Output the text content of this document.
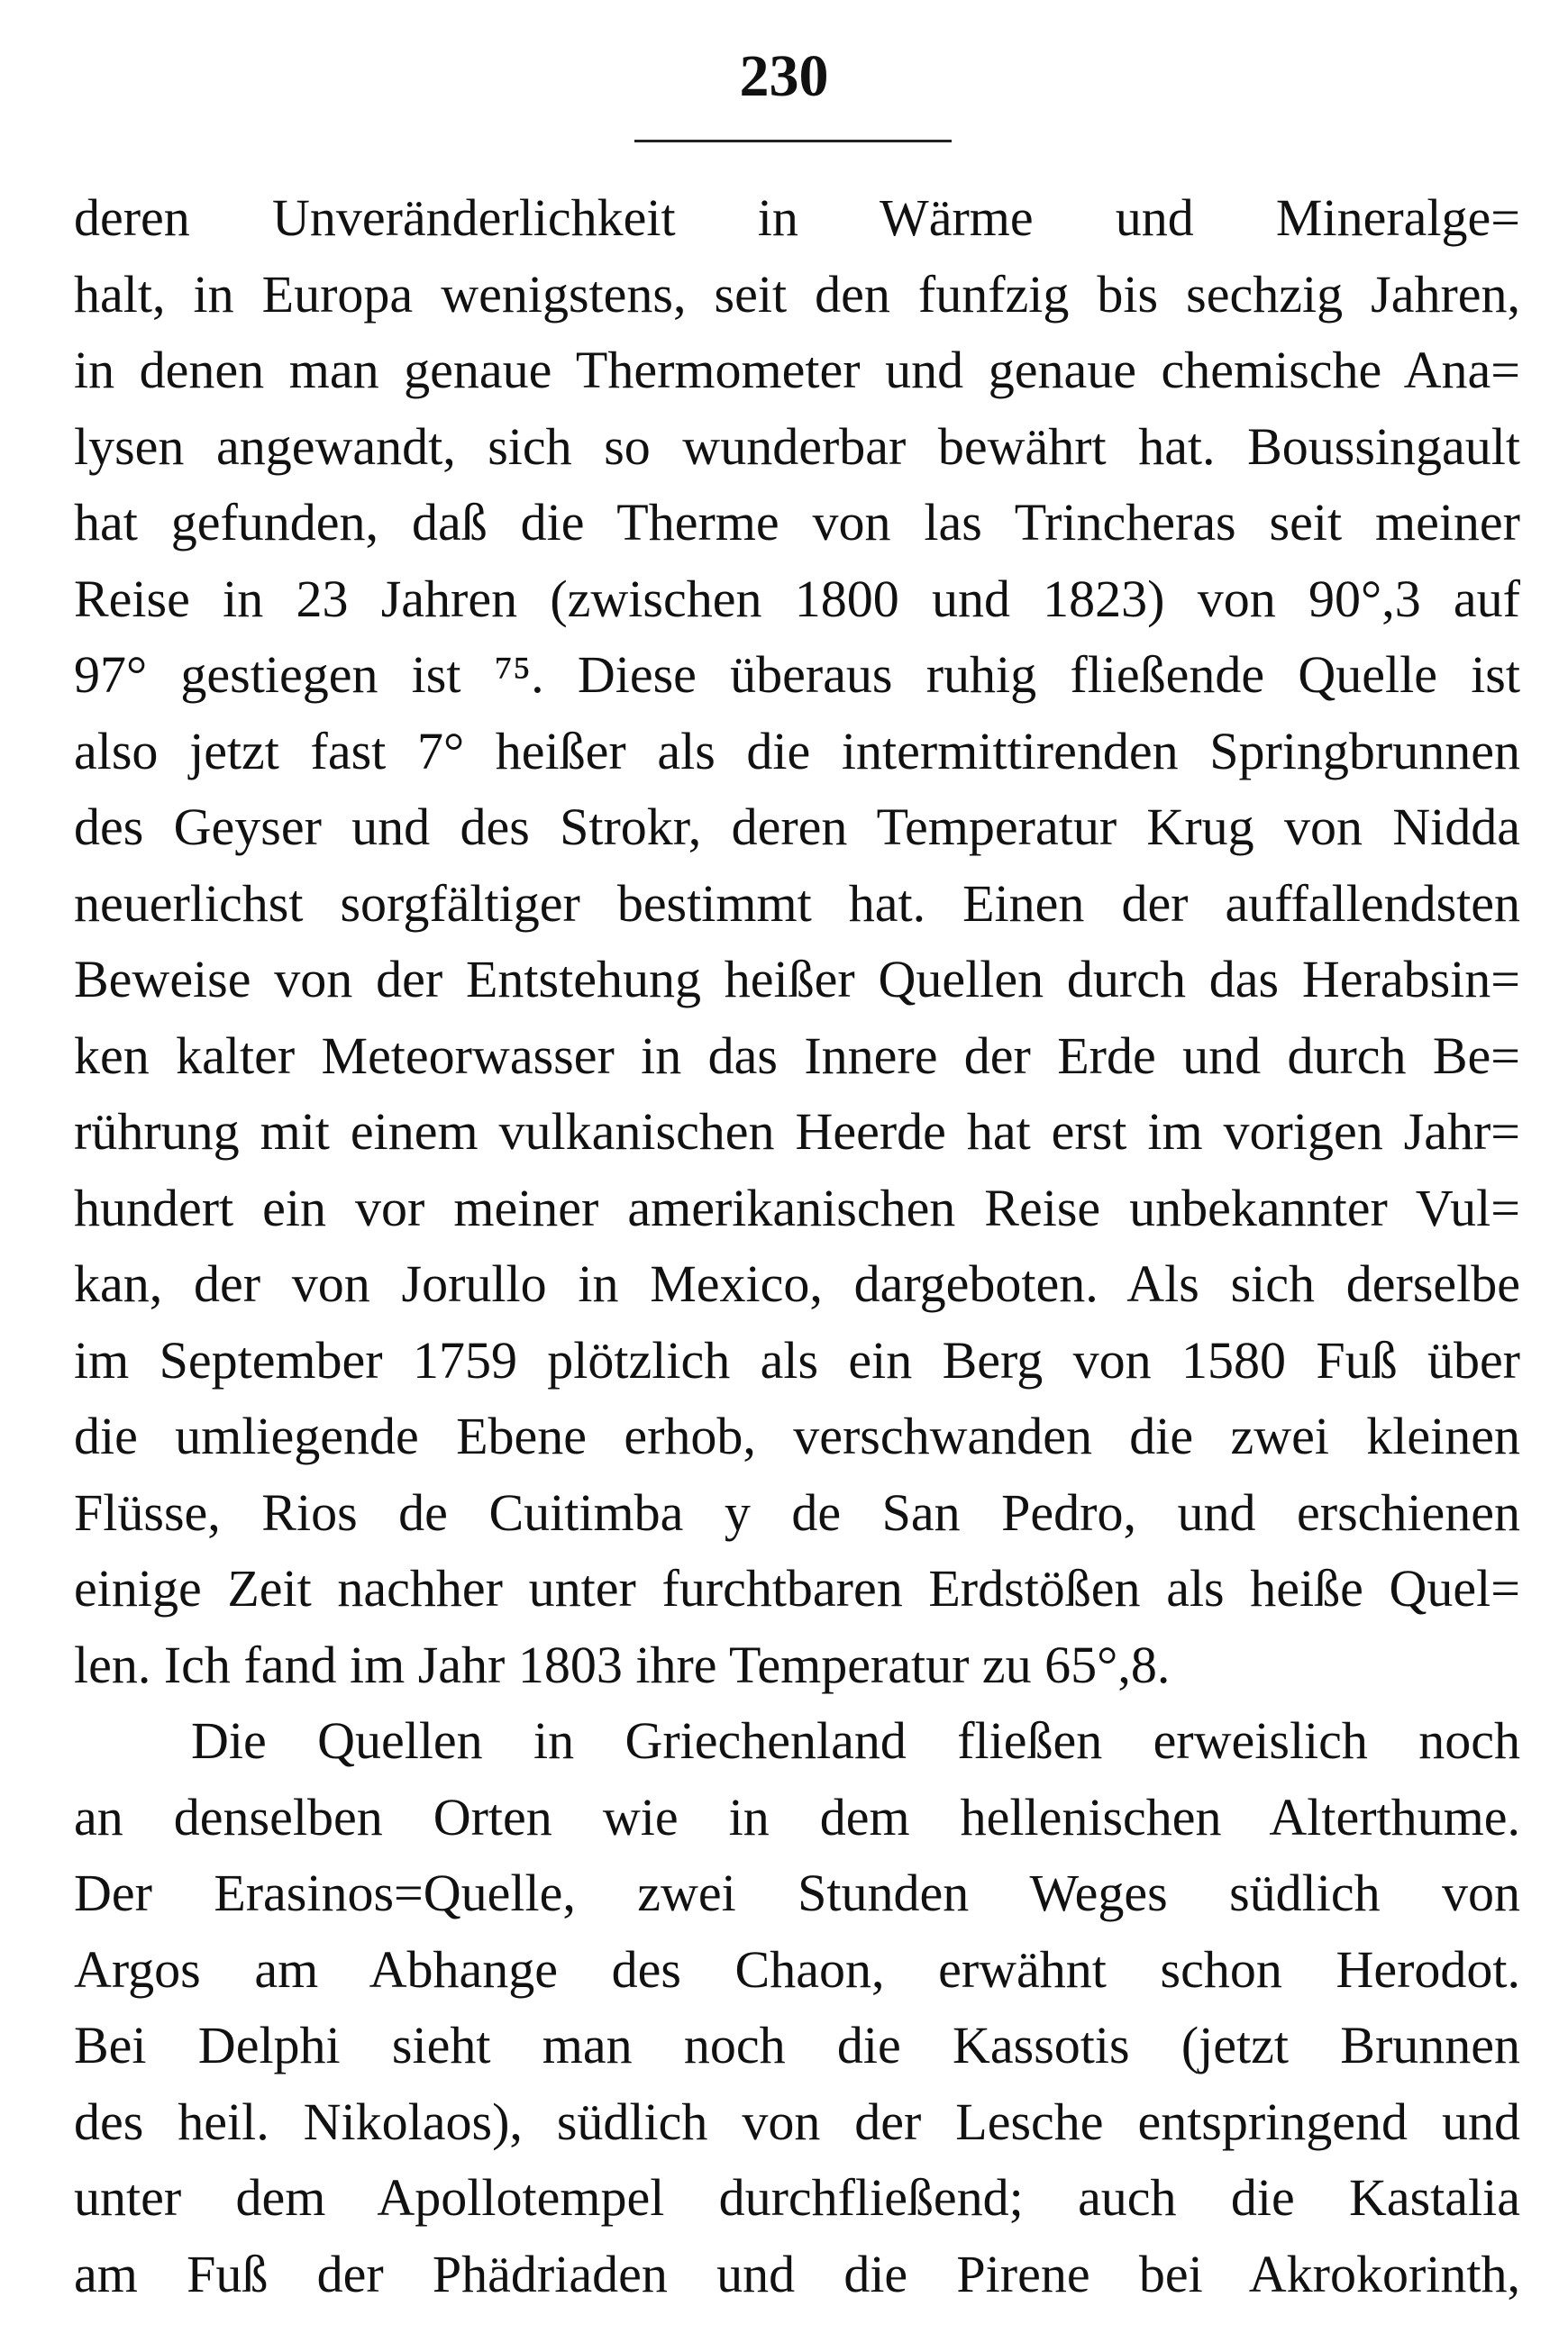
230
deren Unveränderlichkeit in Wärme und Mineralge=
halt, in Europa wenigstens, seit den funfzig bis sechzig Jahren,
in denen man genaue Thermometer und genaue chemische Ana=
lysen angewandt, sich so wunderbar bewährt hat. Boussingault
hat gefunden, daß die Therme von las Trincheras seit meiner
Reise in 23 Jahren (zwischen 1800 und 1823) von 90°,3 auf
97° gestiegen ist ⁷⁵. Diese überaus ruhig fließende Quelle ist
also jetzt fast 7° heißer als die intermittirenden Springbrunnen
des Geyser und des Strokr, deren Temperatur Krug von Nidda
neuerlichst sorgfältiger bestimmt hat. Einen der auffallendsten
Beweise von der Entstehung heißer Quellen durch das Herabsin=
ken kalter Meteorwasser in das Innere der Erde und durch Be=
rührung mit einem vulkanischen Heerde hat erst im vorigen Jahr=
hundert ein vor meiner amerikanischen Reise unbekannter Vul=
kan, der von Jorullo in Mexico, dargeboten. Als sich derselbe
im September 1759 plötzlich als ein Berg von 1580 Fuß über
die umliegende Ebene erhob, verschwanden die zwei kleinen
Flüsse, Rios de Cuitimba y de San Pedro, und erschienen
einige Zeit nachher unter furchtbaren Erdstößen als heiße Quel=
len. Ich fand im Jahr 1803 ihre Temperatur zu 65°,8.
Die Quellen in Griechenland fließen erweislich noch
an denselben Orten wie in dem hellenischen Alterthume.
Der Erasinos=Quelle, zwei Stunden Weges südlich von
Argos am Abhange des Chaon, erwähnt schon Herodot.
Bei Delphi sieht man noch die Kassotis (jetzt Brunnen
des heil. Nikolaos), südlich von der Lesche entspringend und
unter dem Apollotempel durchfließend; auch die Kastalia
am Fuß der Phädriaden und die Pirene bei Akrokorinth,
